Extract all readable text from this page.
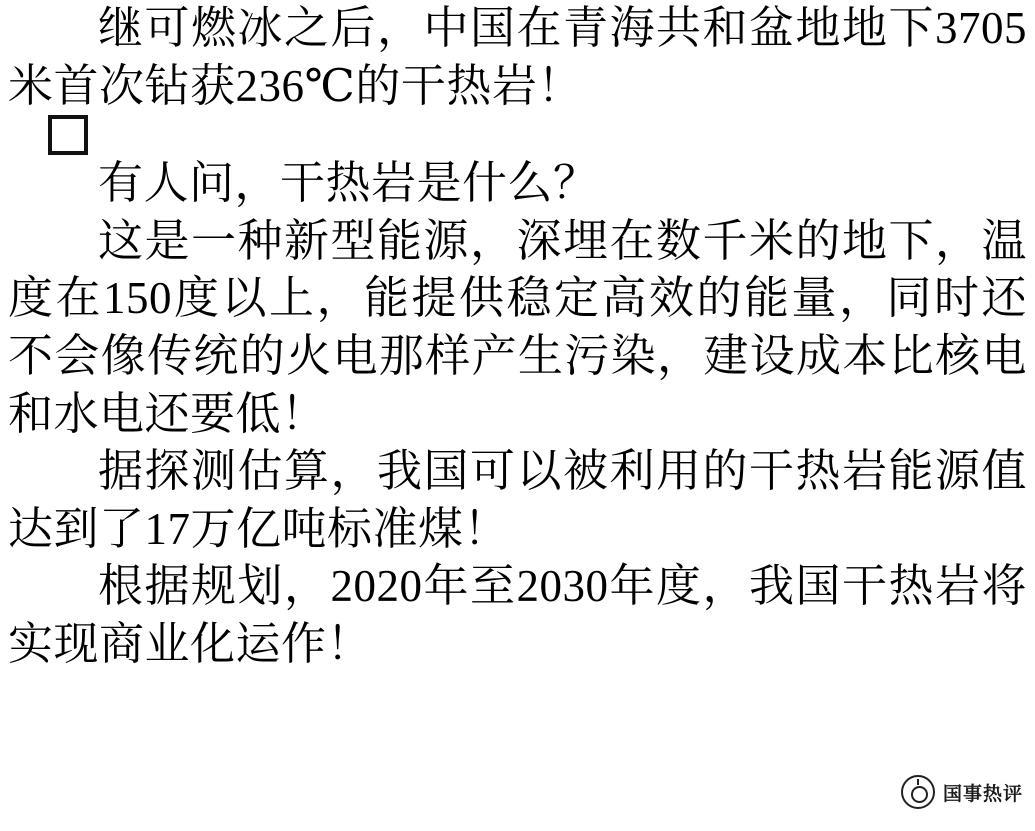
继可燃冰之后，中国在青海共和盆地地下3705米首次钻获236℃的干热岩！

有人问，干热岩是什么？

这是一种新型能源，深埋在数千米的地下，温度在150度以上，能提供稳定高效的能量，同时还不会像传统的火电那样产生污染，建设成本比核电和水电还要低！

据探测估算，我国可以被利用的干热岩能源值达到了17万亿吨标准煤！

根据规划，2020年至2030年度，我国干热岩将实现商业化运作！

国事热评
